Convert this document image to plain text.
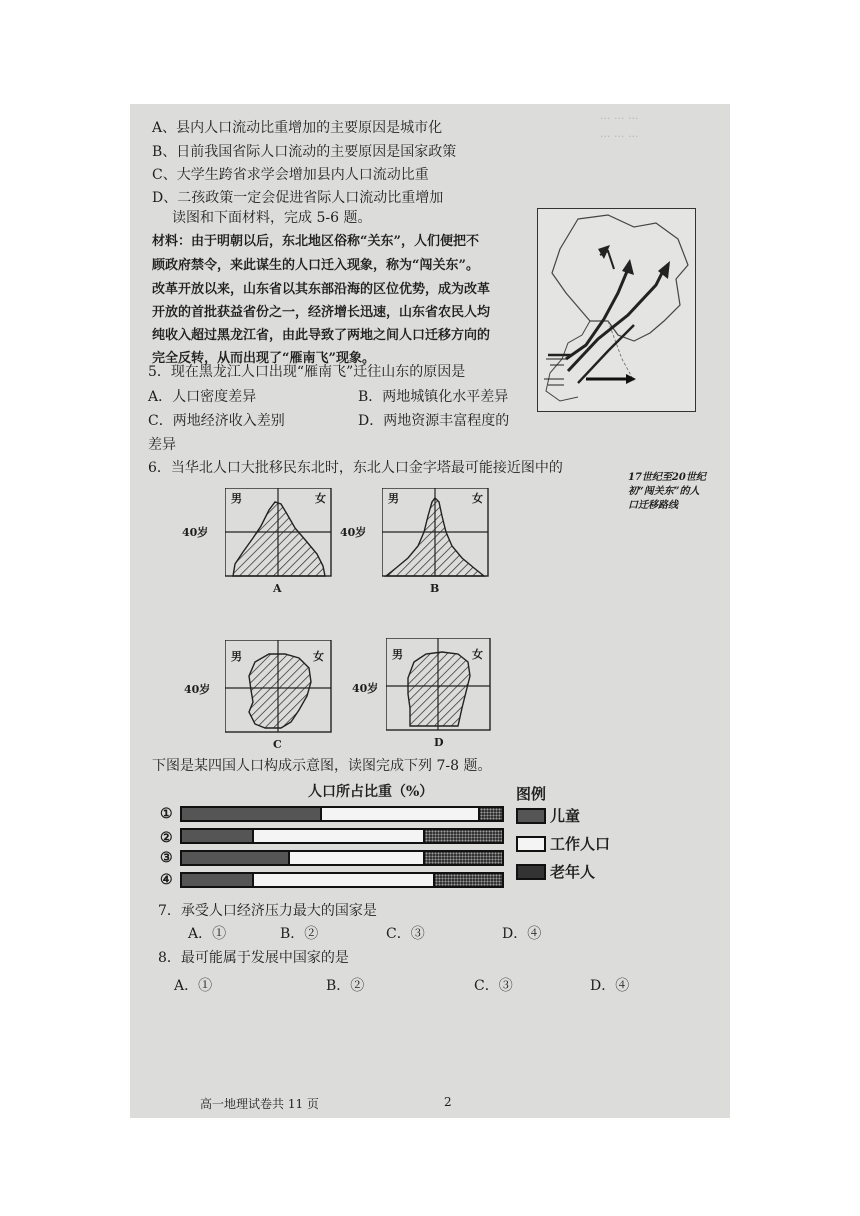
··· ··· ···
··· ··· ···
A、县内人口流动比重增加的主要原因是城市化
B、日前我国省际人口流动的主要原因是国家政策
C、大学生跨省求学会增加县内人口流动比重
D、二孩政策一定会促进省际人口流动比重增加
读图和下面材料，完成 5-6 题。
材料：由于明朝以后，东北地区俗称“关东”，人们便把不
顾政府禁令，来此谋生的人口迁入现象，称为“闯关东”。
改革开放以来，山东省以其东部沿海的区位优势，成为改革
开放的首批获益省份之一，经济增长迅速，山东省农民人均
纯收入超过黑龙江省，由此导致了两地之间人口迁移方向的
完全反转，从而出现了“雁南飞”现象。
17世纪至20世纪初“闯关东”的人口迁移路线
5．现在黑龙江人口出现“雁南飞”迁往山东的原因是
A．人口密度差异	B．两地城镇化水平差异
C．两地经济收入差别	D．两地资源丰富程度的
差异
6．当华北人口大批移民东北时，东北人口金字塔最可能接近图中的
男	女
A
40岁
男	女
B
40岁
男	女
C
40岁
男	女
D
40岁
下图是某四国人口构成示意图，读图完成下列 7-8 题。
人口所占比重（%）
①
②
③
④
图例
儿童
工作人口
老年人
7．承受人口经济压力最大的国家是
A．①	B．②	C．③	D．④
8．最可能属于发展中国家的是
A．①	B．②	C．③	D．④
高一地理试卷共 11 页	2
